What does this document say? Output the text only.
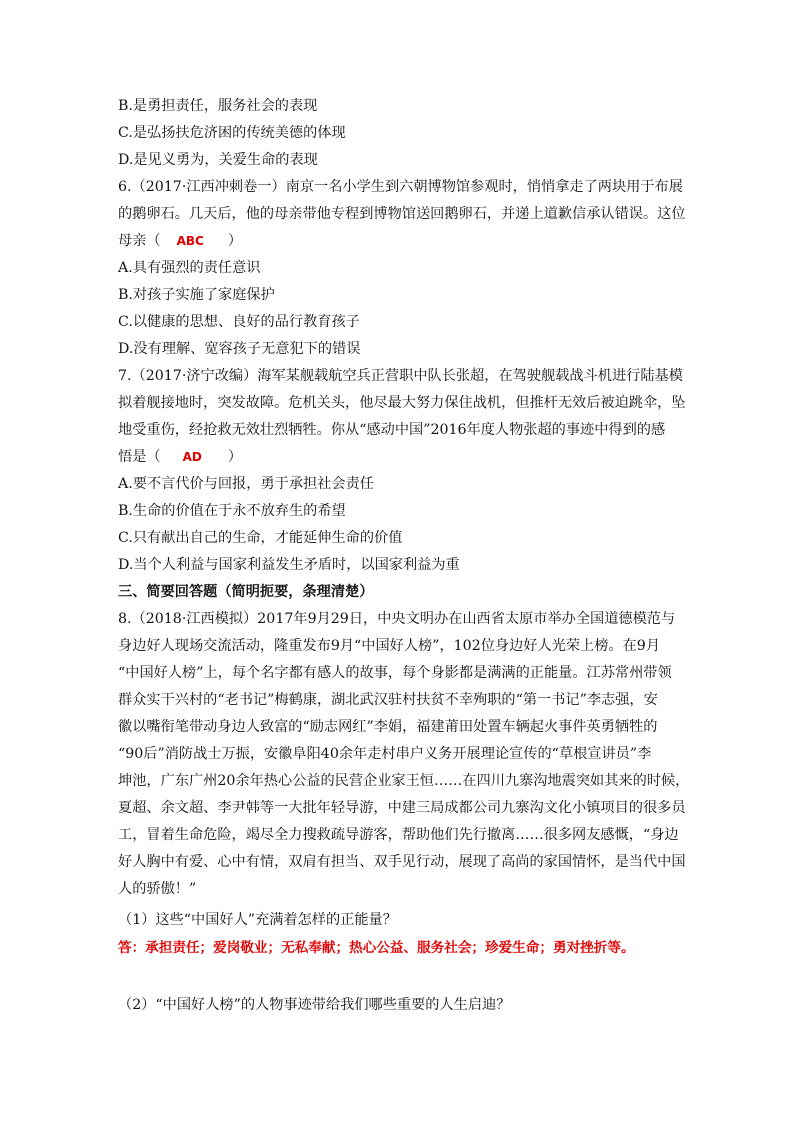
B.是勇担责任，服务社会的表现
C.是弘扬扶危济困的传统美德的体现
D.是见义勇为，关爱生命的表现
6.（2017·江西冲刺卷一）南京一名小学生到六朝博物馆参观时，悄悄拿走了两块用于布展
的鹅卵石。几天后，他的母亲带他专程到博物馆送回鹅卵石，并递上道歉信承认错误。这位
母亲（ ABC ）
A.具有强烈的责任意识
B.对孩子实施了家庭保护
C.以健康的思想、良好的品行教育孩子
D.没有理解、宽容孩子无意犯下的错误
7.（2017·济宁改编）海军某舰载航空兵正营职中队长张超，在驾驶舰载战斗机进行陆基模
拟着舰接地时，突发故障。危机关头，他尽最大努力保住战机，但推杆无效后被迫跳伞，坠
地受重伤，经抢救无效壮烈牺牲。你从“感动中国”2016年度人物张超的事迹中得到的感
悟是（ AD ）
A.要不言代价与回报，勇于承担社会责任
B.生命的价值在于永不放弃生的希望
C.只有献出自己的生命，才能延伸生命的价值
D.当个人利益与国家利益发生矛盾时，以国家利益为重
三、简要回答题（简明扼要，条理清楚）
8.（2018·江西模拟）2017年9月29日，中央文明办在山西省太原市举办全国道德模范与
身边好人现场交流活动，隆重发布9月“中国好人榜”，102位身边好人光荣上榜。在9月
“中国好人榜”上，每个名字都有感人的故事，每个身影都是满满的正能量。江苏常州带领
群众实干兴村的“老书记”梅鹤康，湖北武汉驻村扶贫不幸殉职的“第一书记”李志强，安
徽以嘴衔笔带动身边人致富的“励志网红”李娟，福建莆田处置车辆起火事件英勇牺牲的
“90后”消防战士万振，安徽阜阳40余年走村串户义务开展理论宣传的“草根宣讲员”李
坤池，广东广州20余年热心公益的民营企业家王恒……在四川九寨沟地震突如其来的时候，
夏超、余文超、李尹韩等一大批年轻导游，中建三局成都公司九寨沟文化小镇项目的很多员
工，冒着生命危险，竭尽全力搜救疏导游客，帮助他们先行撤离……很多网友感慨，“身边
好人胸中有爱、心中有情，双肩有担当、双手见行动，展现了高尚的家国情怀，是当代中国
人的骄傲！”
（1）这些“中国好人”充满着怎样的正能量？
答：承担责任；爱岗敬业；无私奉献；热心公益、服务社会；珍爱生命；勇对挫折等。
（2）“中国好人榜”的人物事迹带给我们哪些重要的人生启迪？
